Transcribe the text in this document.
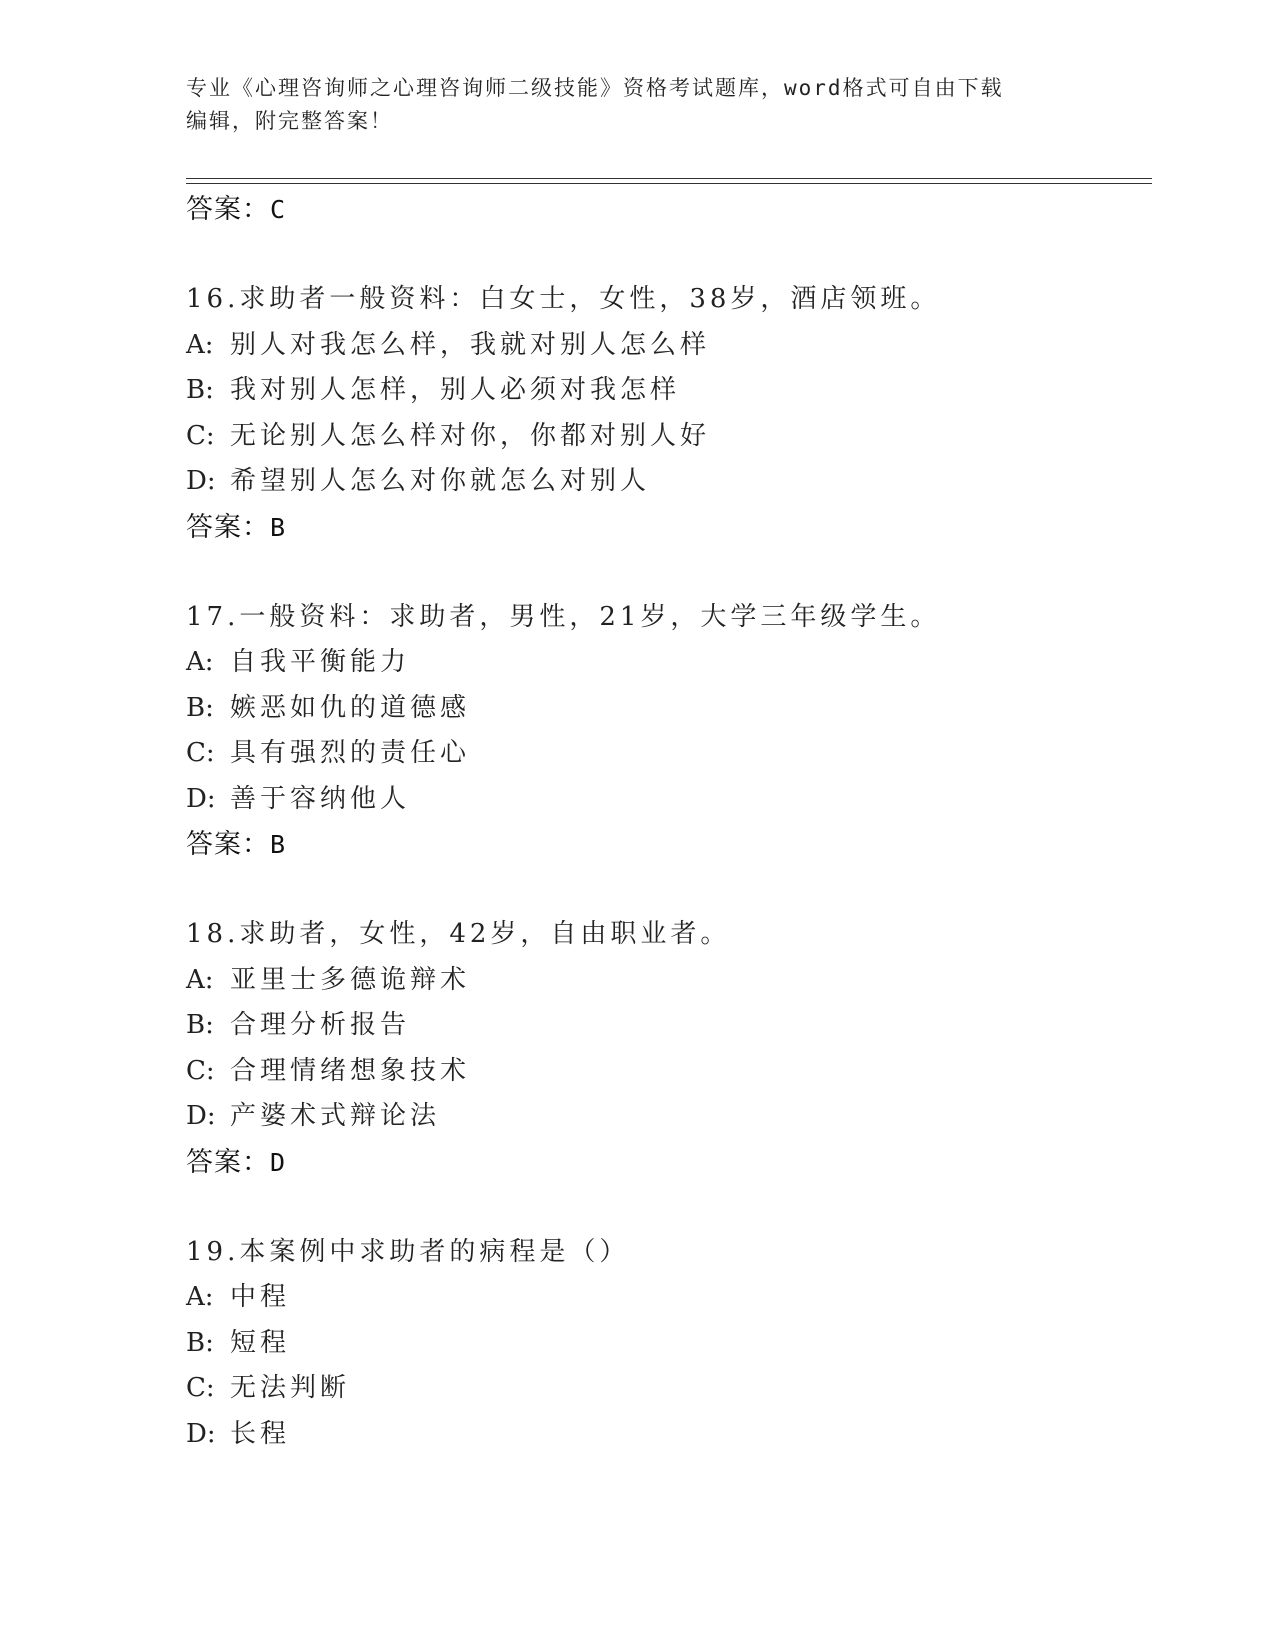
专业《心理咨询师之心理咨询师二级技能》资格考试题库，word格式可自由下载
编辑，附完整答案！
答案：C
16.求助者一般资料：白女士，女性，38岁，酒店领班。
A: 别人对我怎么样，我就对别人怎么样
B: 我对别人怎样，别人必须对我怎样
C: 无论别人怎么样对你，你都对别人好
D: 希望别人怎么对你就怎么对别人
答案：B
17.一般资料：求助者，男性，21岁，大学三年级学生。
A: 自我平衡能力
B: 嫉恶如仇的道德感
C: 具有强烈的责任心
D: 善于容纳他人
答案：B
18.求助者，女性，42岁，自由职业者。
A: 亚里士多德诡辩术
B: 合理分析报告
C: 合理情绪想象技术
D: 产婆术式辩论法
答案：D
19.本案例中求助者的病程是（）
A: 中程
B: 短程
C: 无法判断
D: 长程
